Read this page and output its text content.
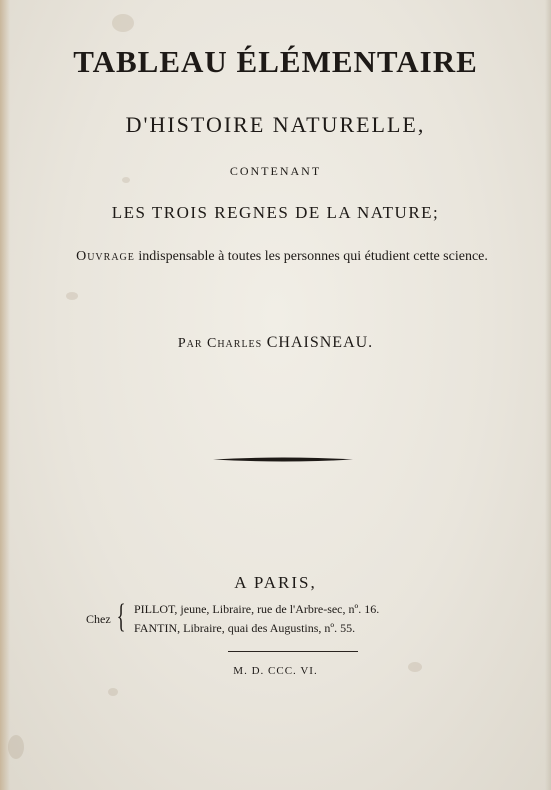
TABLEAU ÉLÉMENTAIRE
D'HISTOIRE NATURELLE,
CONTENANT
LES TROIS REGNES DE LA NATURE;
Ouvrage indispensable à toutes les personnes qui étudient cette science.
Par Charles CHAISNEAU.
A PARIS,
Chez { PILLOT, jeune, Libraire, rue de l'Arbre-sec, nº. 16.
FANTIN, Libraire, quai des Augustins, nº. 55.
M. D. CCC. VI.
